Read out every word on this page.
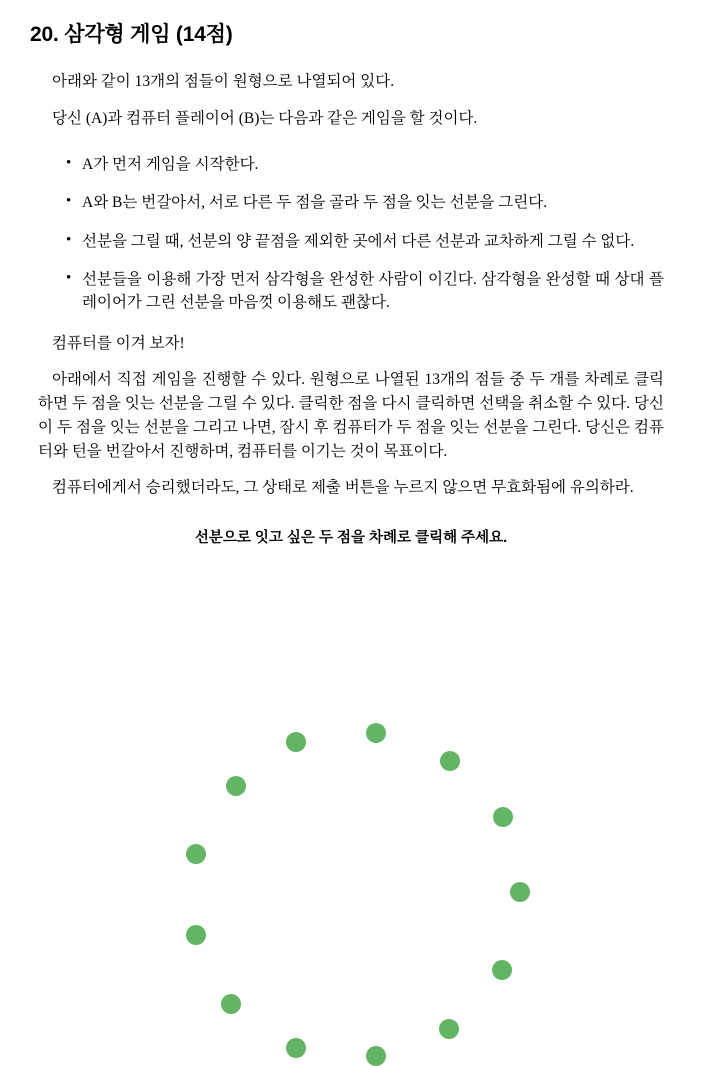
20. 삼각형 게임 (14점)

아래와 같이 13개의 점들이 원형으로 나열되어 있다.

당신 (A)과 컴퓨터 플레이어 (B)는 다음과 같은 게임을 할 것이다.

• A가 먼저 게임을 시작한다.
• A와 B는 번갈아서, 서로 다른 두 점을 골라 두 점을 잇는 선분을 그린다.
• 선분을 그릴 때, 선분의 양 끝점을 제외한 곳에서 다른 선분과 교차하게 그릴 수 없다.
• 선분들을 이용해 가장 먼저 삼각형을 완성한 사람이 이긴다. 삼각형을 완성할 때 상대 플레이어가 그린 선분을 마음껏 이용해도 괜찮다.

컴퓨터를 이겨 보자!

아래에서 직접 게임을 진행할 수 있다. 원형으로 나열된 13개의 점들 중 두 개를 차례로 클릭하면 두 점을 잇는 선분을 그릴 수 있다. 클릭한 점을 다시 클릭하면 선택을 취소할 수 있다. 당신이 두 점을 잇는 선분을 그리고 나면, 잠시 후 컴퓨터가 두 점을 잇는 선분을 그린다. 당신은 컴퓨터와 턴을 번갈아서 진행하며, 컴퓨터를 이기는 것이 목표이다.

컴퓨터에게서 승리했더라도, 그 상태로 제출 버튼을 누르지 않으면 무효화됨에 유의하라.

선분으로 잇고 싶은 두 점을 차례로 클릭해 주세요.
